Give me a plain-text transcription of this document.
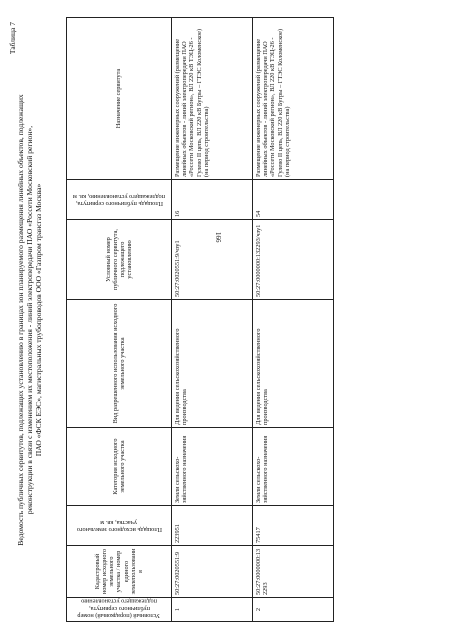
166
Таблица 7
Ведомость публичных сервитутов, подлежащих установлению в границах зон планируемого размещения линейных объектов, подлежащих реконструкции в связи с изменением их местоположения - линий электропередачи ПАО «Россети Московский регион», ПАО «ФСК ЕЭС», магистральных трубопроводов ООО «Газпром трансгаз Москва»
Условный (порядковый) номер публичного сервитута, подлежащего установлению	Кадастровый номер исходного земельного участка / номер единого землепользования	Площадь исходного земельного участка, кв. м	Категория исходного земельного участка	Вид разрешенного использования исходного земельного участка	Условный номер публичного сервитута, подлежащего установлению	Площадь публичного сервитута, подлежащего установлению, кв. м	Назначение сервитута
1	50:27:0020551:9	223951	Земли сельскохо-зяйственного назначения	Для ведения сельскохозяйственного производства	50:27:0020551:9/чзу1	16	Размещение инженерных сооружений (размещение линейных объектов - линий электропередачи ПАО «Россети Московский регион», ВЛ 220 кВ ТЭЦ-26 - Гулево II цепь, ВЛ 220 кВ Бугры – ГТЭС Коломенское) (на период строительства)
2	50:27:0000000:132293	75417	Земли сельскохо-зяйственного назначения	Для ведения сельскохозяйственного производства	50:27:0000000:132293/чзу1	54	Размещение инженерных сооружений (размещение линейных объектов - линий электропередачи ПАО «Россети Московский регион», ВЛ 220 кВ ТЭЦ-26 - Гулево II цепь, ВЛ 220 кВ Бугры – ГТЭС Коломенское) (на период строительства)
